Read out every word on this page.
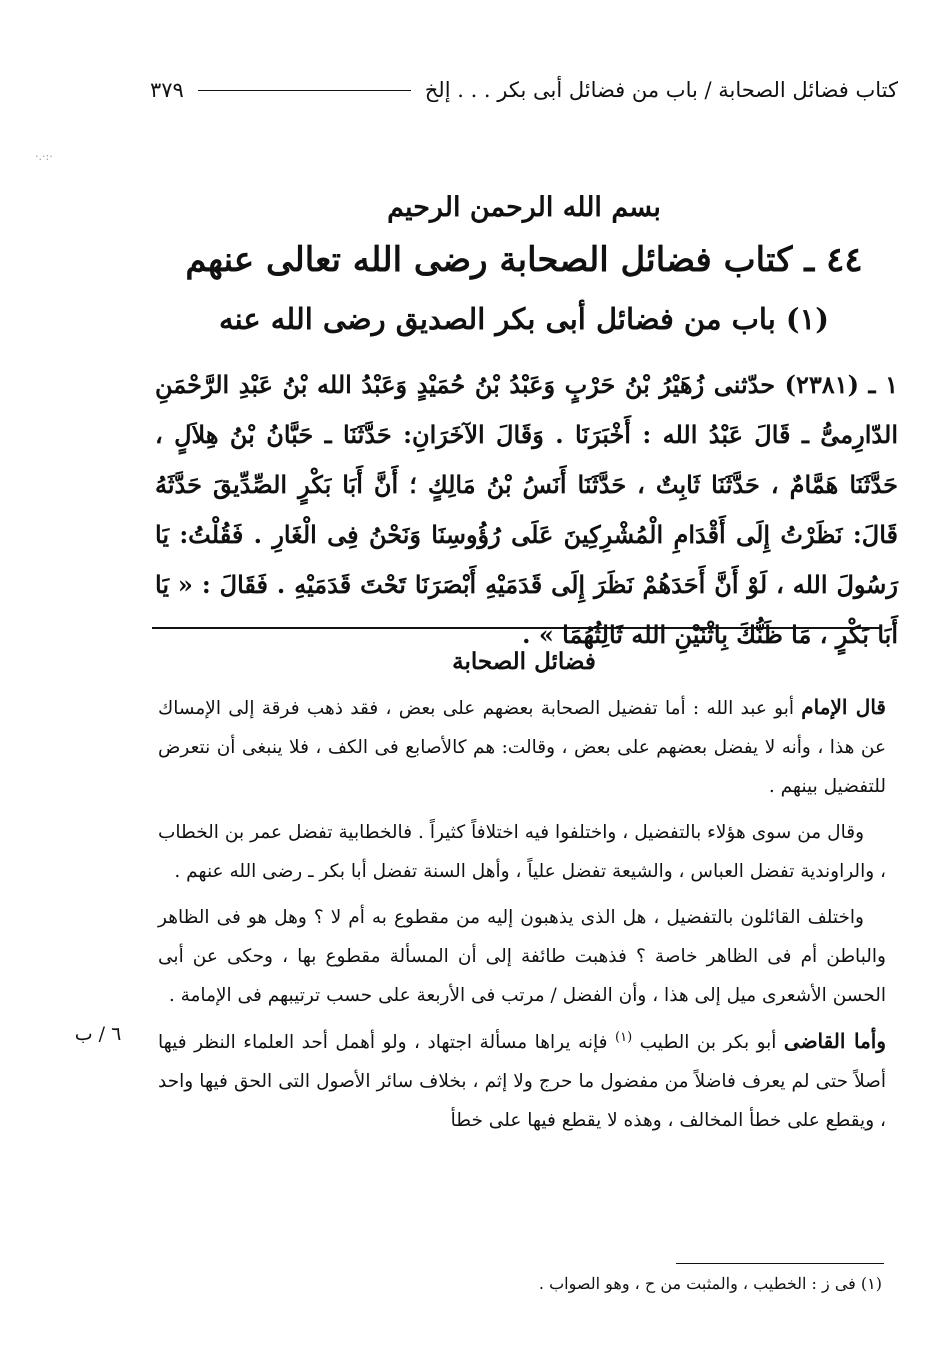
كتاب فضائل الصحابة / باب من فضائل أبى بكر . . . إلخ
٣٧٩
·.·:·
بسم الله الرحمن الرحيم
٤٤ ـ كتاب فضائل الصحابة رضى الله تعالى عنهم
(١) باب من فضائل أبى بكر الصديق رضى الله عنه
١ ـ (٢٣٨١) حدّثنى زُهَيْرُ بْنُ حَرْبٍ وَعَبْدُ بْنُ حُمَيْدٍ وَعَبْدُ الله بْنُ عَبْدِ الرَّحْمَنِ الدّارِمىُّ ـ قَالَ عَبْدُ الله : أَخْبَرَنَا . وَقَالَ الآخَرَانِ: حَدَّثَنَا ـ حَبَّانُ بْنُ هِلاَلٍ ، حَدَّثَنَا هَمَّامٌ ، حَدَّثَنَا ثَابِتٌ ، حَدَّثَنَا أَنَسُ بْنُ مَالِكٍ ؛ أَنَّ أَبَا بَكْرٍ الصِّدِّيقَ حَدَّثَهُ قَالَ: نَظَرْتُ إِلَى أَقْدَامِ الْمُشْرِكِينَ عَلَى رُؤُوسِنَا وَنَحْنُ فِى الْغَارِ . فَقُلْتُ: يَا رَسُولَ الله ، لَوْ أَنَّ أَحَدَهُمْ نَظَرَ إِلَى قَدَمَيْهِ أَبْصَرَنَا تَحْتَ قَدَمَيْهِ . فَقَالَ : « يَا أَبَا بَكْرٍ ، مَا ظَنُّكَ بِاثْنَيْنِ الله ثَالِثُهُمَا » .
فضائل الصحابة

قال الإمام أبو عبد الله : أما تفضيل الصحابة بعضهم على بعض ، فقد ذهب فرقة إلى الإمساك عن هذا ، وأنه لا يفضل بعضهم على بعض ، وقالت: هم كالأصابع فى الكف ، فلا ينبغى أن نتعرض للتفضيل بينهم .

وقال من سوى هؤلاء بالتفضيل ، واختلفوا فيه اختلافاً كثيراً . فالخطابية تفضل عمر بن الخطاب ، والراوندية تفضل العباس ، والشيعة تفضل علياً ، وأهل السنة تفضل أبا بكر ـ رضى الله عنهم .

واختلف القائلون بالتفضيل ، هل الذى يذهبون إليه من مقطوع به أم لا ؟ وهل هو فى الظاهر والباطن أم فى الظاهر خاصة ؟ فذهبت طائفة إلى أن المسألة مقطوع بها ، وحكى عن أبى الحسن الأشعرى ميل إلى هذا ، وأن الفضل / مرتب فى الأربعة على حسب ترتيبهم فى الإمامة .

وأما القاضى أبو بكر بن الطيب $^{(١)}$ فإنه يراها مسألة اجتهاد ، ولو أهمل أحد العلماء النظر فيها أصلاً حتى لم يعرف فاضلاً من مفضول ما حرج ولا إثم ، بخلاف سائر الأصول التى الحق فيها واحد ، ويقطع على خطأ المخالف ، وهذه لا يقطع فيها على خطأ

٦ / ب
(١) فى ز : الخطيب ، والمثبت من ح ، وهو الصواب .
